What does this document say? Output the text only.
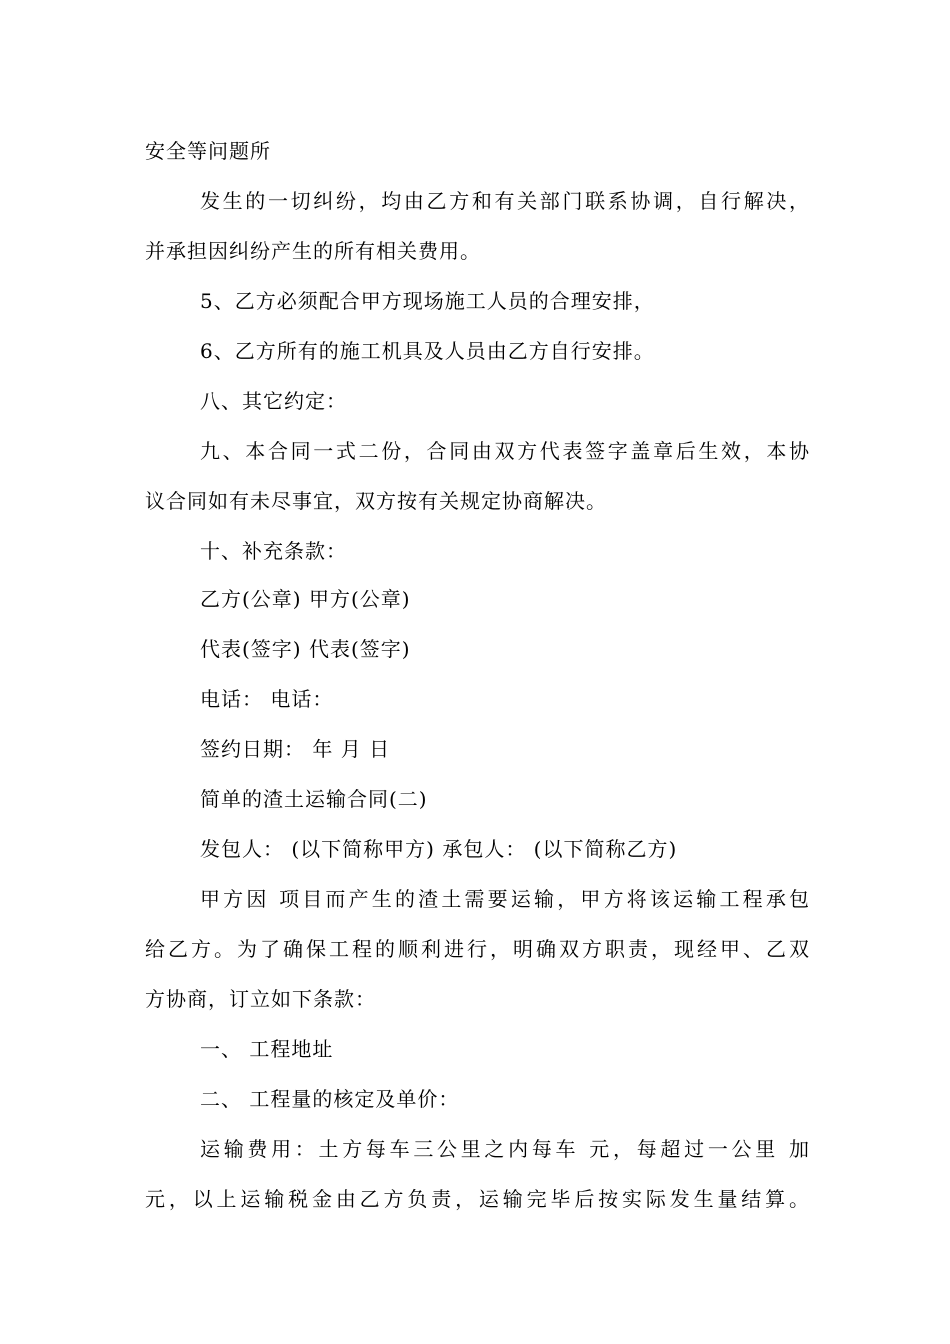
安全等问题所
发生的一切纠纷，均由乙方和有关部门联系协调，自行解决，
并承担因纠纷产生的所有相关费用。
5、乙方必须配合甲方现场施工人员的合理安排，
6、乙方所有的施工机具及人员由乙方自行安排。
八、其它约定：
九、本合同一式二份，合同由双方代表签字盖章后生效，本协
议合同如有未尽事宜，双方按有关规定协商解决。
十、补充条款：
乙方(公章) 甲方(公章)
代表(签字) 代表(签字)
电话： 电话：
签约日期： 年 月 日
简单的渣土运输合同(二)
发包人： (以下简称甲方) 承包人： (以下简称乙方)
甲方因 项目而产生的渣土需要运输，甲方将该运输工程承包
给乙方。为了确保工程的顺利进行，明确双方职责，现经甲、乙双
方协商，订立如下条款：
一、 工程地址
二、 工程量的核定及单价：
运输费用：土方每车三公里之内每车 元，每超过一公里 加
元，以上运输税金由乙方负责，运输完毕后按实际发生量结算。
